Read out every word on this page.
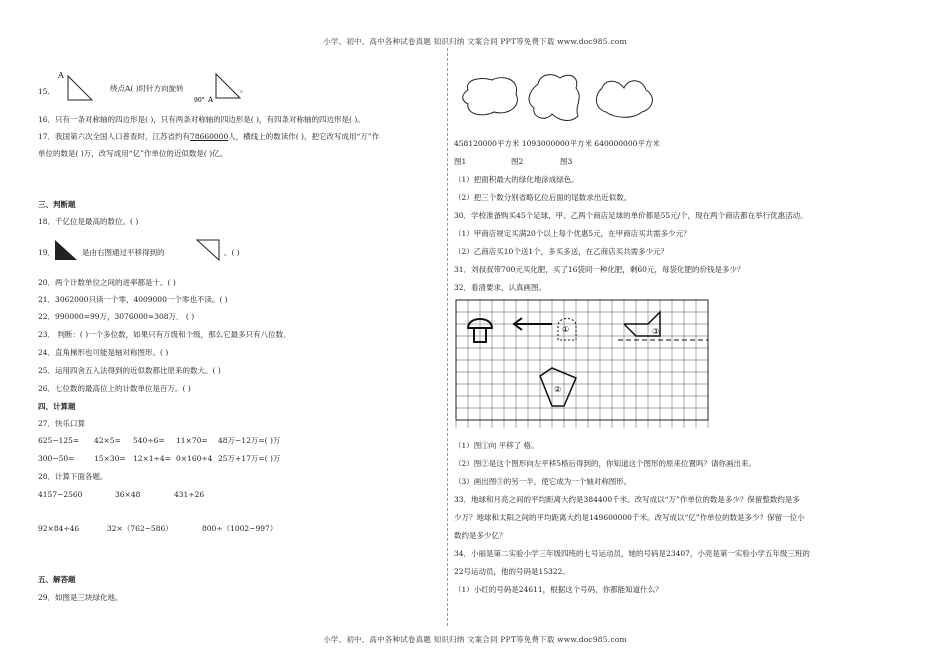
小学、初中、高中各种试卷真题 知识归纳 文案合同 PPT等免费下载 www.doc985.com
15.
A
绕点A( )时针方向旋转
90° A
。
16．只有一条对称轴的四边形是( )，只有两条对称轴的四边形是( )，有四条对称轴的四边形是( )。
17．我国第六次全国人口普查时，江苏省约有78660000人，横线上的数读作( )，把它改写成用“万”作
单位的数是( )万，改写成用“亿”作单位的近似数是( )亿。
三、判断题
18．千亿位是最高的数位。( )
19．	是由右图通过平移得到的	。( )
20．两个计数单位之间的进率都是十。( )
21．3062000只读一个零，4009000一个零也不读。( )
22．990000=99万，3076000≈308万． ( )
23． 判断：( )一个多位数，如果只有万级和个级，那么它最多只有八位数．
24．直角梯形也可能是轴对称图形。( )
25．运用四舍五入法得到的近似数都比原来的数大。( )
26．七位数的最高位上的计数单位是百万。( )
四、计算题
27．快乐口算
625−125= 42×5= 540÷6= 11×70= 48万−12万=( )万
300−50=	15×30= 12×1÷4= 0×160÷4 25万+17万=( )万
28．计算下面各题。
4157−2560	36×48	431÷26
92×84÷46	32×（762−586）	800÷（1002−997）
五、解答题
29．如图是三块绿化地。
458120000平方米 1093000000平方米 640000000平方米
图1	图2	图3
（1）把面积最大的绿化地涂成绿色。
（2）把三个数分别省略亿位后面的尾数求出近似数。
30．学校准备购买45个足球，甲、乙两个商店足球的单价都是55元/个，现在两个商店都在举行优惠活动。
（1）甲商店规定买满20个以上每个优惠5元，在甲商店买共需多少元？
（2）乙商店买10个送1个，多买多送，在乙商店买共需多少元？
31．刘叔叔带700元买化肥，买了16袋同一种化肥，剩60元，每袋化肥的价钱是多少？
32．看清要求，认真画图。
①	③
②
（1）图①向 平移了 格。
（2）图②是这个图形向左平移5格后得到的，你知道这个图形的原来位置吗？请你画出来。
（3）画出图③的另一半，使它成为一个轴对称图形。
33．地球和月亮之间的平均距离大约是384400千米。改写成以“万”作单位的数是多少？保留整数约是多
少万？地球和太阳之间的平均距离大约是149600000千米。改写成以“亿”作单位的数是多少？保留一位小
数约是多少亿？
34．小丽是第二实验小学三年级四班的七号运动员，她的号码是23407，小亮是第一实验小学五年级三班的
22号运动员，他的号码是15322。
（1）小红的号码是24611，根据这个号码，你都能知道什么？
小学、初中、高中各种试卷真题 知识归纳 文案合同 PPT等免费下载 www.doc985.com
